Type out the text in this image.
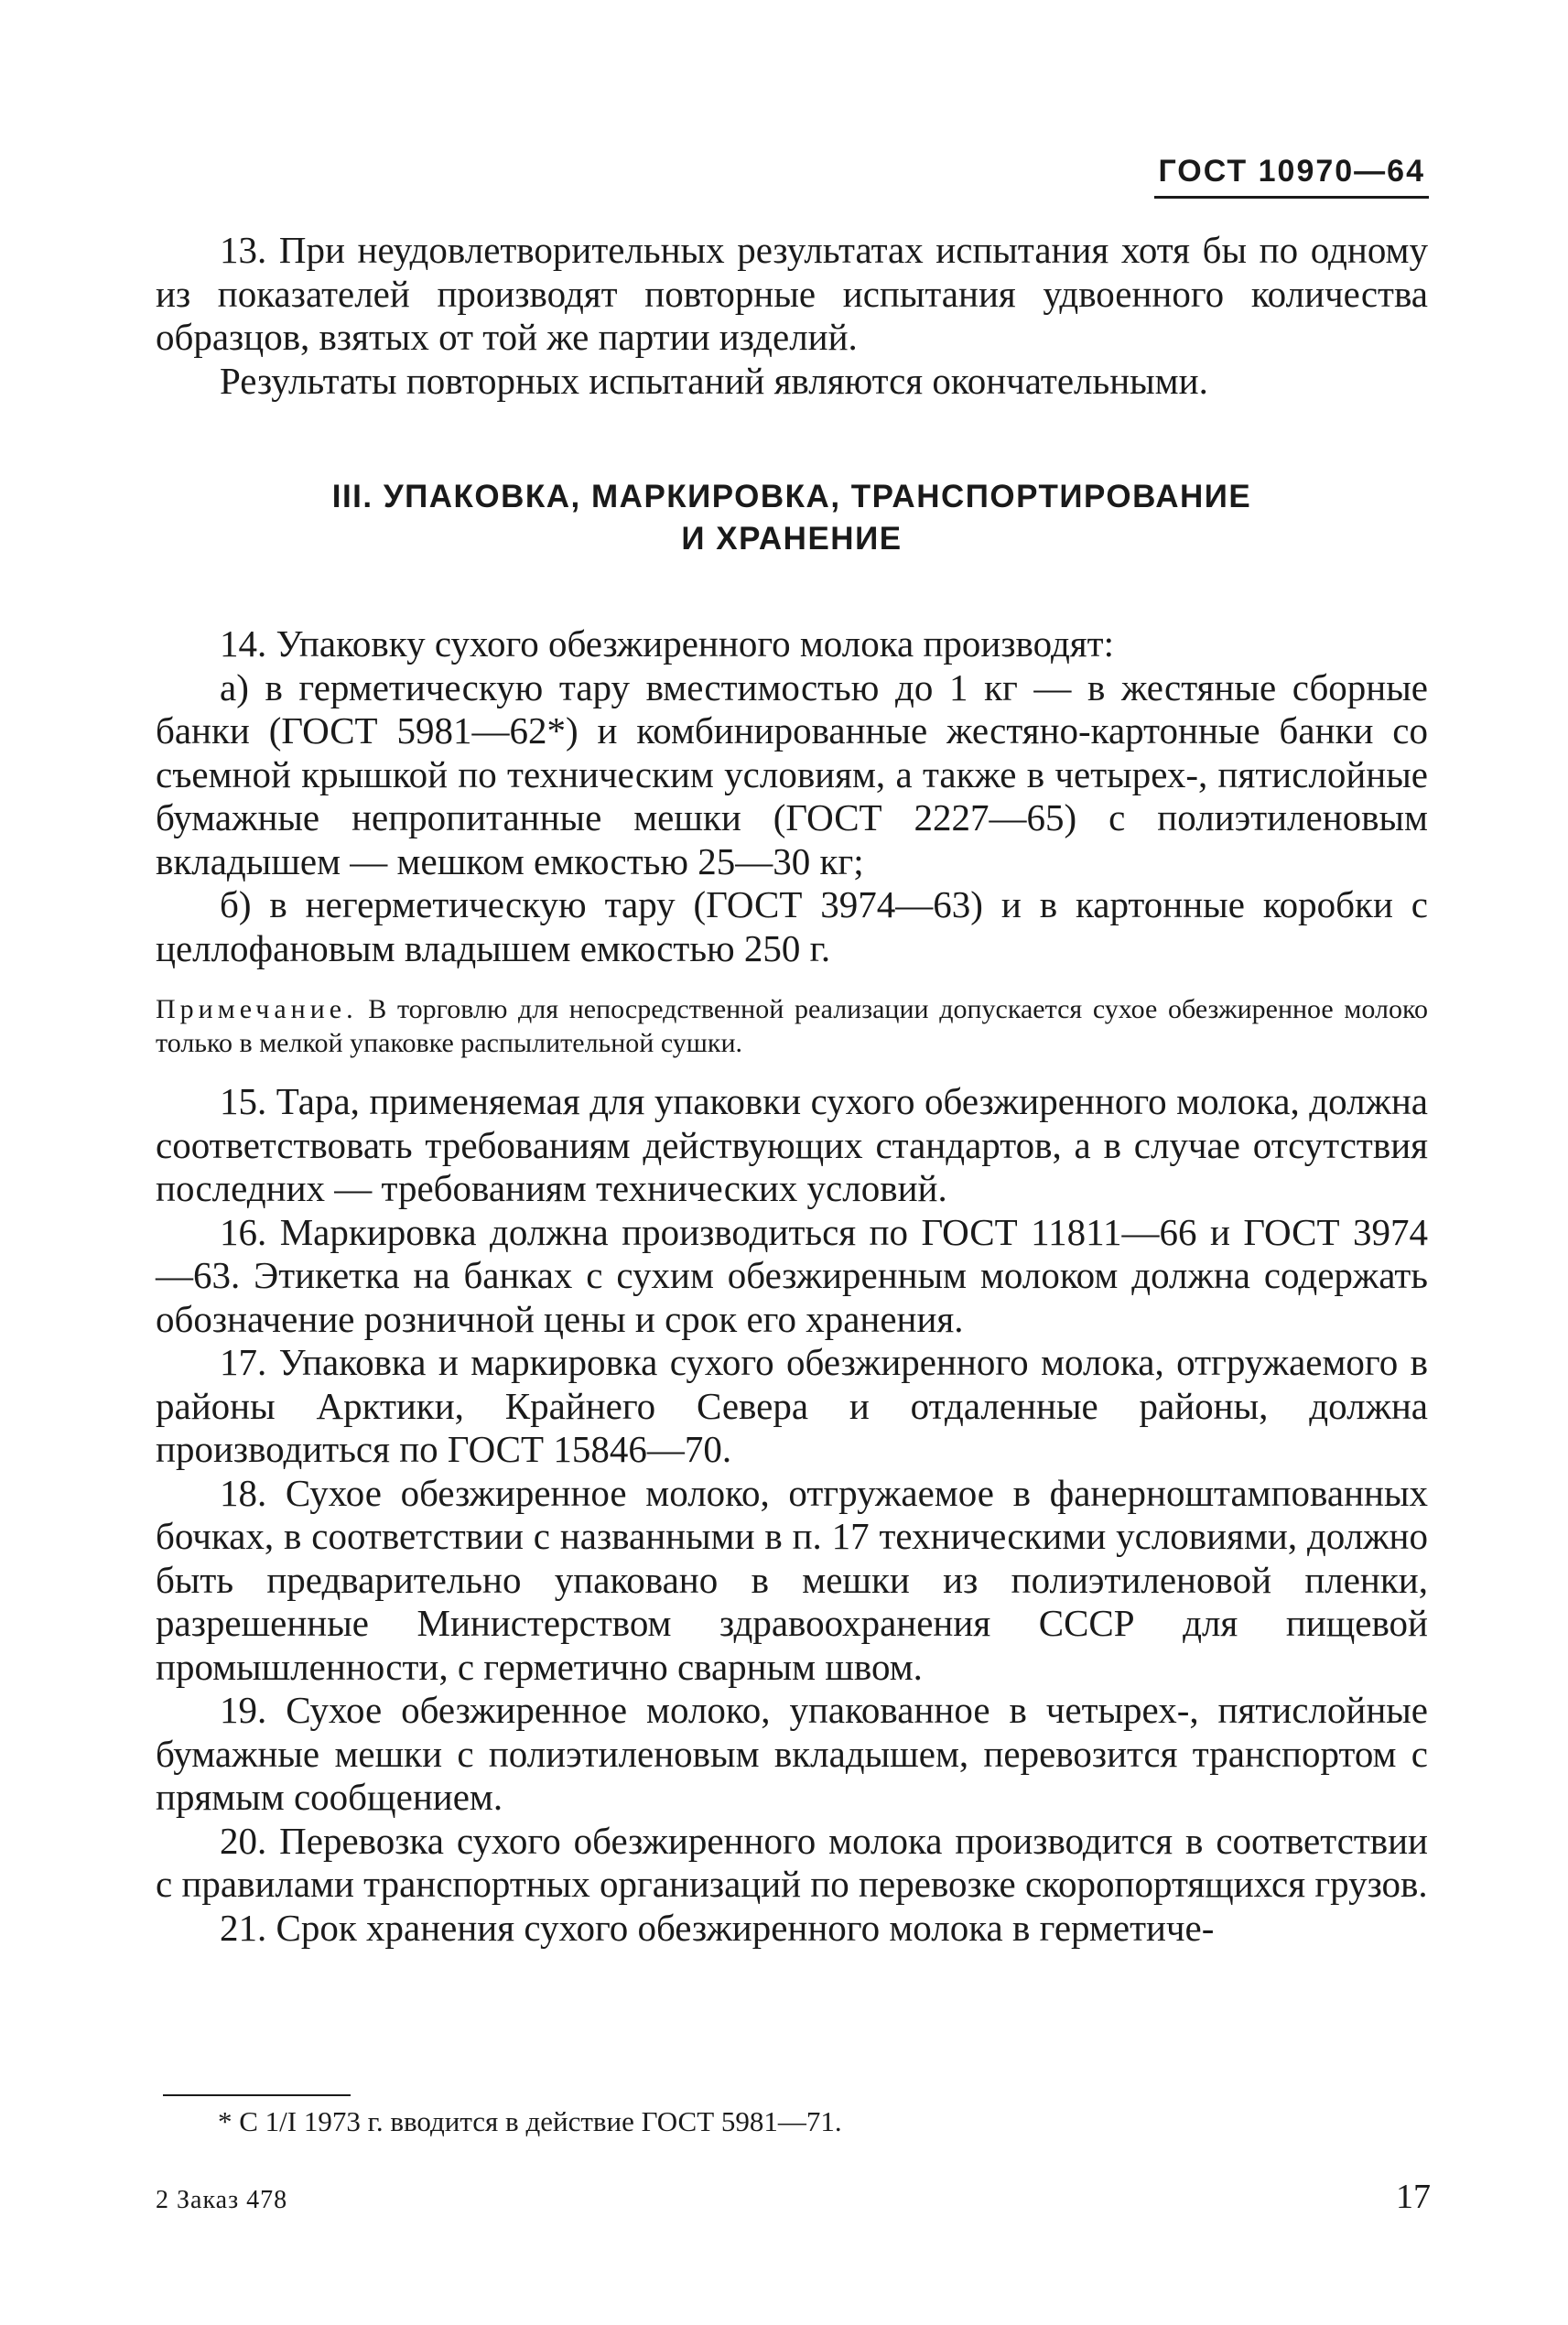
ГОСТ 10970—64

13. При неудовлетворительных результатах испытания хотя бы по одному из показателей производят повторные испытания удвоенного количества образцов, взятых от той же партии изделий.

Результаты повторных испытаний являются окончательными.

III. УПАКОВКА, МАРКИРОВКА, ТРАНСПОРТИРОВАНИЕ
И ХРАНЕНИЕ

14. Упаковку сухого обезжиренного молока производят:

а) в герметическую тару вместимостью до 1 кг — в жестяные сборные банки (ГОСТ 5981—62*) и комбинированные жестяно-картонные банки со съемной крышкой по техническим условиям, а также в четырех-, пятислойные бумажные непропитанные мешки (ГОСТ 2227—65) с полиэтиленовым вкладышем — мешком емкостью 25—30 кг;

б) в негерметическую тару (ГОСТ 3974—63) и в картонные коробки с целлофановым владышем емкостью 250 г.

Примечание. В торговлю для непосредственной реализации допускается сухое обезжиренное молоко только в мелкой упаковке распылительной сушки.

15. Тара, применяемая для упаковки сухого обезжиренного молока, должна соответствовать требованиям действующих стандартов, а в случае отсутствия последних — требованиям технических условий.

16. Маркировка должна производиться по ГОСТ 11811—66 и ГОСТ 3974—63. Этикетка на банках с сухим обезжиренным молоком должна содержать обозначение розничной цены и срок его хранения.

17. Упаковка и маркировка сухого обезжиренного молока, отгружаемого в районы Арктики, Крайнего Севера и отдаленные районы, должна производиться по ГОСТ 15846—70.

18. Сухое обезжиренное молоко, отгружаемое в фанерноштампованных бочках, в соответствии с названными в п. 17 техническими условиями, должно быть предварительно упаковано в мешки из полиэтиленовой пленки, разрешенные Министерством здравоохранения СССР для пищевой промышленности, с герметично сварным швом.

19. Сухое обезжиренное молоко, упакованное в четырех-, пятислойные бумажные мешки с полиэтиленовым вкладышем, перевозится транспортом с прямым сообщением.

20. Перевозка сухого обезжиренного молока производится в соответствии с правилами транспортных организаций по перевозке скоропортящихся грузов.

21. Срок хранения сухого обезжиренного молока в герметиче-

* С 1/I 1973 г. вводится в действие ГОСТ 5981—71.
2 Заказ 478	17
